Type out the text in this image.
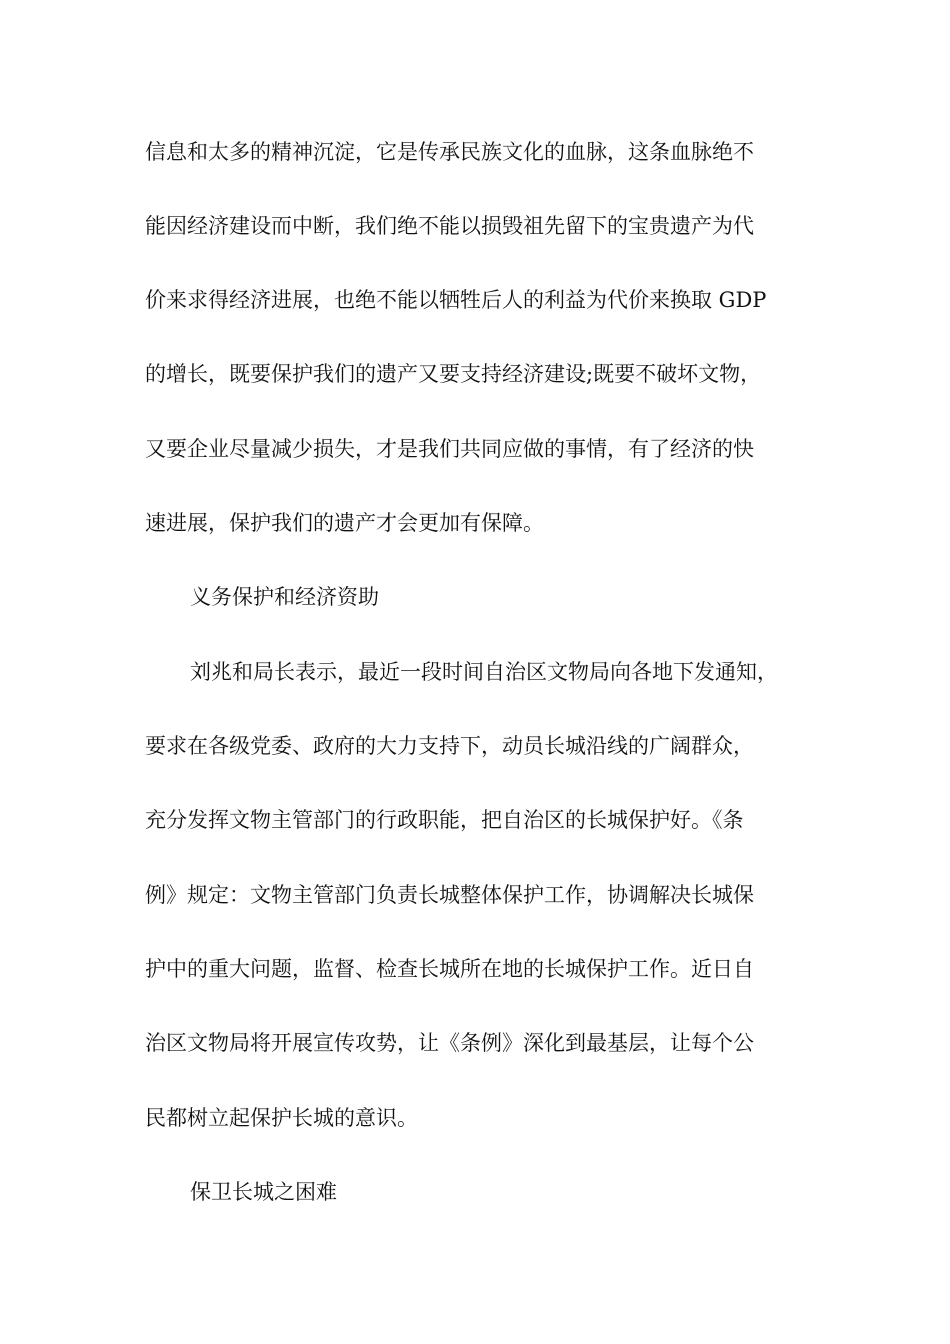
信息和太多的精神沉淀，它是传承民族文化的血脉，这条血脉绝不
能因经济建设而中断，我们绝不能以损毁祖先留下的宝贵遗产为代
价来求得经济进展，也绝不能以牺牲后人的利益为代价来换取 GDP
的增长，既要保护我们的遗产又要支持经济建设;既要不破坏文物，
又要企业尽量减少损失，才是我们共同应做的事情，有了经济的快
速进展，保护我们的遗产才会更加有保障。
义务保护和经济资助
刘兆和局长表示，最近一段时间自治区文物局向各地下发通知，
要求在各级党委、政府的大力支持下，动员长城沿线的广阔群众，
充分发挥文物主管部门的行政职能，把自治区的长城保护好。《条
例》规定：文物主管部门负责长城整体保护工作，协调解决长城保
护中的重大问题，监督、检查长城所在地的长城保护工作。近日自
治区文物局将开展宣传攻势，让《条例》深化到最基层，让每个公
民都树立起保护长城的意识。
保卫长城之困难
